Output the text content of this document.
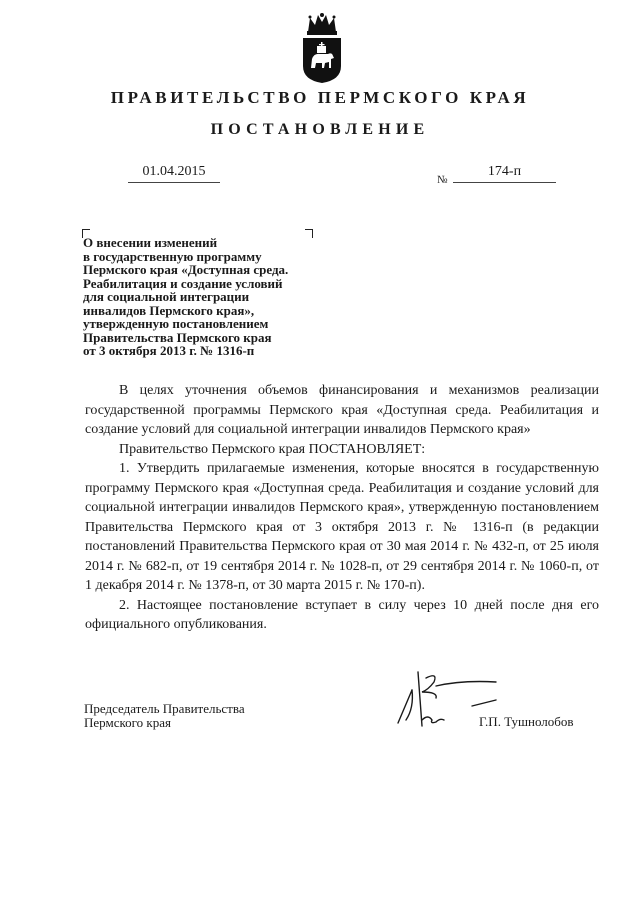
ПРАВИТЕЛЬСТВО ПЕРМСКОГО КРАЯ
ПОСТАНОВЛЕНИЕ
01.04.2015
№
174-п
О внесении изменений
в государственную программу
Пермского края «Доступная среда.
Реабилитация и создание условий
для социальной интеграции
инвалидов Пермского края»,
утвержденную постановлением
Правительства Пермского края
от 3 октября 2013 г. № 1316-п

В целях уточнения объемов финансирования и механизмов реализации государственной программы Пермского края «Доступная среда. Реабилитация и создание условий для социальной интеграции инвалидов Пермского края»

Правительство Пермского края ПОСТАНОВЛЯЕТ:

1. Утвердить прилагаемые изменения, которые вносятся в государственную программу Пермского края «Доступная среда. Реабилитация и создание условий для социальной интеграции инвалидов Пермского края», утвержденную постановлением Правительства Пермского края от 3 октября 2013 г. № 1316-п (в редакции постановлений Правительства Пермского края от 30 мая 2014 г. № 432-п, от 25 июля 2014 г. № 682-п, от 19 сентября 2014 г. № 1028-п, от 29 сентября 2014 г. № 1060-п, от 1 декабря 2014 г. № 1378-п, от 30 марта 2015 г. № 170-п).

2. Настоящее постановление вступает в силу через 10 дней после дня его официального опубликования.

Председатель Правительства
Пермского края	Г.П. Тушнолобов
